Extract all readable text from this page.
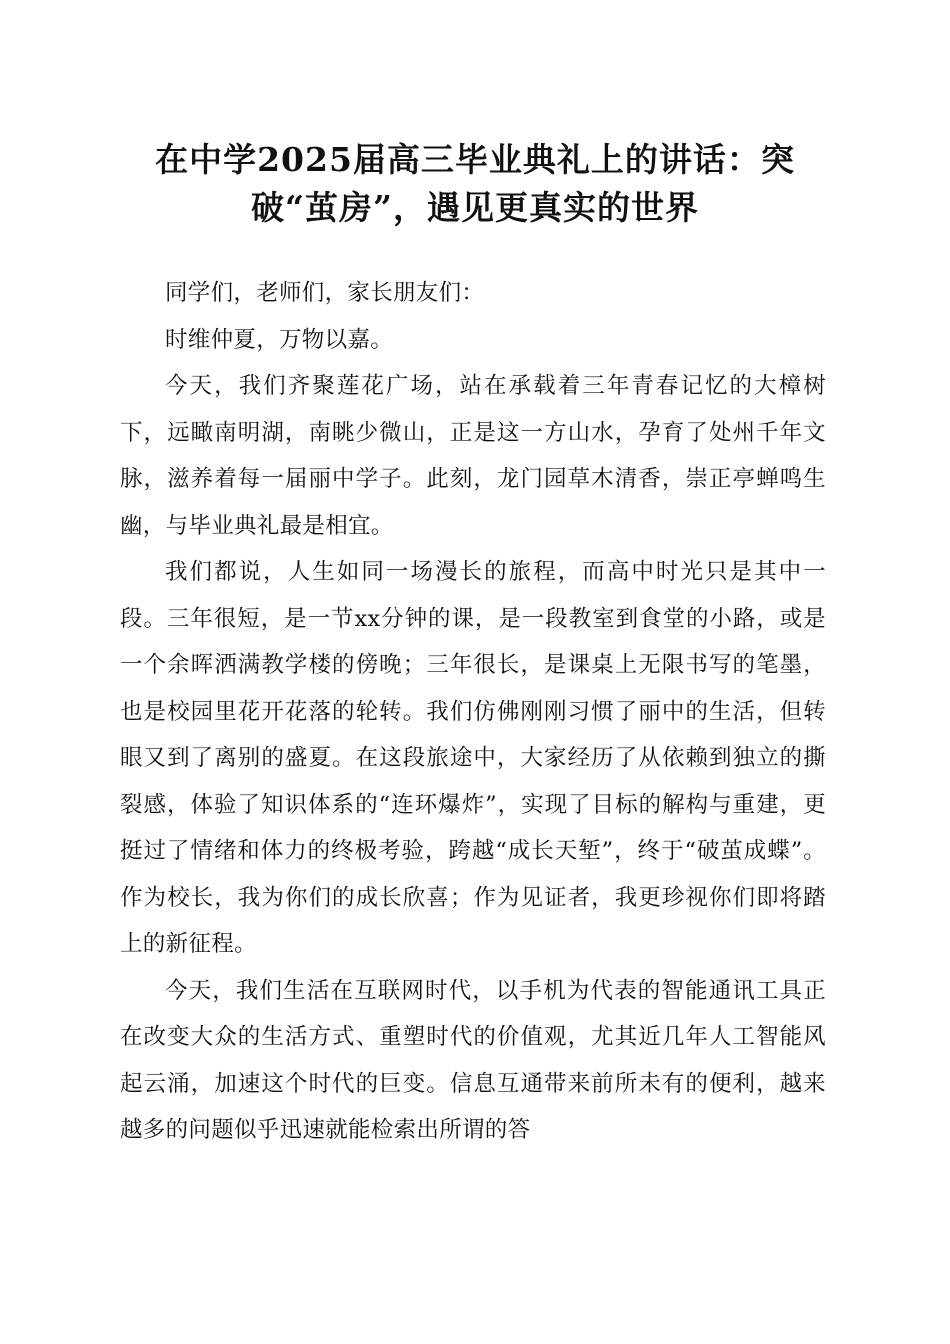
在中学2025届高三毕业典礼上的讲话：突
破“茧房”，遇见更真实的世界

同学们，老师们，家长朋友们：

时维仲夏，万物以嘉。

今天，我们齐聚莲花广场，站在承载着三年青春记忆的大樟树下，远瞰南明湖，南眺少微山，正是这一方山水，孕育了处州千年文脉，滋养着每一届丽中学子。此刻，龙门园草木清香，崇正亭蝉鸣生幽，与毕业典礼最是相宜。

我们都说，人生如同一场漫长的旅程，而高中时光只是其中一段。三年很短，是一节xx分钟的课，是一段教室到食堂的小路，或是一个余晖洒满教学楼的傍晚；三年很长，是课桌上无限书写的笔墨，也是校园里花开花落的轮转。我们仿佛刚刚习惯了丽中的生活，但转眼又到了离别的盛夏。在这段旅途中，大家经历了从依赖到独立的撕裂感，体验了知识体系的“连环爆炸”，实现了目标的解构与重建，更挺过了情绪和体力的终极考验，跨越“成长天堑”，终于“破茧成蝶”。作为校长，我为你们的成长欣喜；作为见证者，我更珍视你们即将踏上的新征程。

今天，我们生活在互联网时代，以手机为代表的智能通讯工具正在改变大众的生活方式、重塑时代的价值观，尤其近几年人工智能风起云涌，加速这个时代的巨变。信息互通带来前所未有的便利，越来越多的问题似乎迅速就能检索出所谓的答
